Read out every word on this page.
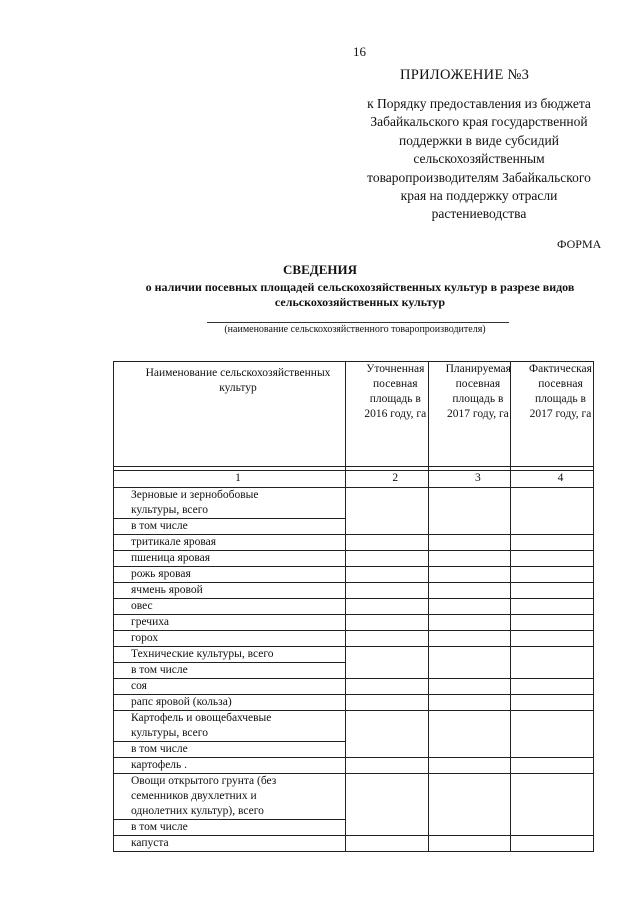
16
ПРИЛОЖЕНИЕ №3
к Порядку предоставления из бюджета
Забайкальского края государственной
поддержки в виде субсидий
сельскохозяйственным
товаропроизводителям Забайкальского
края на поддержку отрасли
растениеводства
ФОРМА
СВЕДЕНИЯ
о наличии посевных площадей сельскохозяйственных культур в разрезе видов
сельскохозяйственных культур
(наименование сельскохозяйственного товаропроизводителя)
Наименование сельскохозяйственных культур	Уточненная посевная площадь в 2016 году, га	Планируемая посевная площадь в 2017 году, га	Фактическая посевная площадь в 2017 году, га

1	2	3	4

Зерновые и зернобобовые
культуры, всего
в том числе			

тритикале яровая			

пшеница яровая			

рожь яровая			

ячмень яровой			

овес			

гречиха			

горох			

Технические культуры, всего
в том числе			

соя			

рапс яровой (кольза)			

Картофель и овощебахчевые
культуры, всего
в том числе			

картофель .			

Овощи открытого грунта (без
семенников двухлетних и
однолетних культур), всего
в том числе			

капуста			
